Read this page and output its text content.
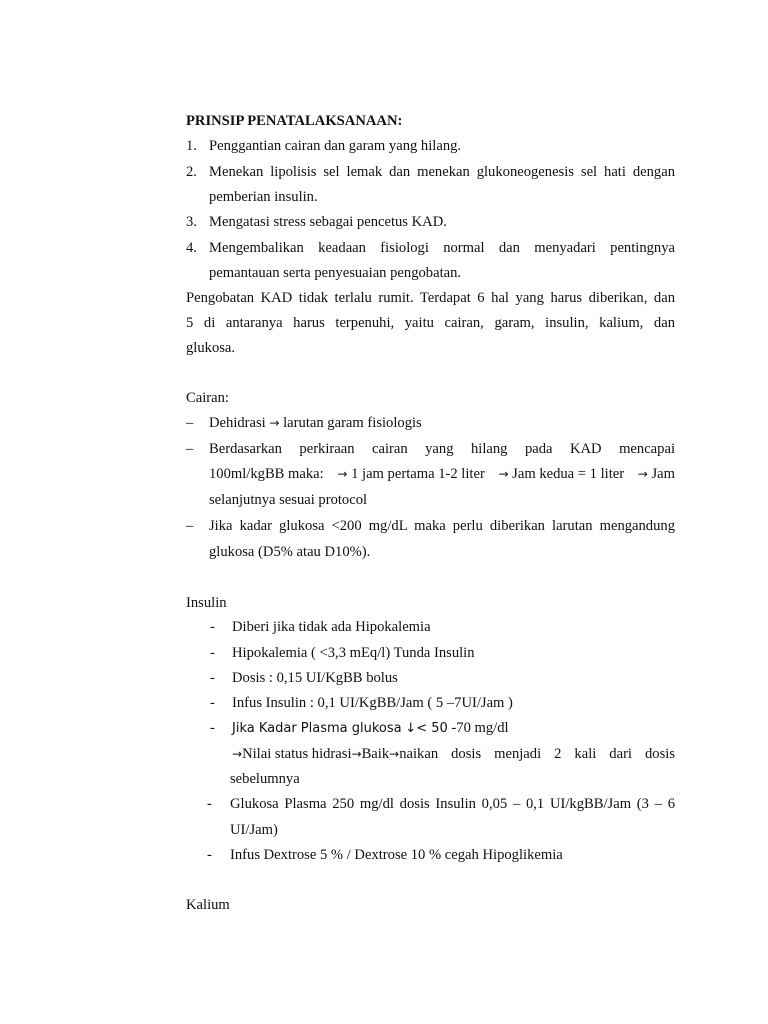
PRINSIP PENATALAKSANAAN:
1. Penggantian cairan dan garam yang hilang.
2. Menekan lipolisis sel lemak dan menekan glukoneogenesis sel hati dengan
pemberian insulin.
3. Mengatasi stress sebagai pencetus KAD.
4. Mengembalikan keadaan fisiologi normal dan menyadari pentingnya
pemantauan serta penyesuaian pengobatan.
Pengobatan KAD tidak terlalu rumit. Terdapat 6 hal yang harus diberikan, dan
5 di antaranya harus terpenuhi, yaitu cairan, garam, insulin, kalium, dan
glukosa.
Cairan:
– Dehidrasi → larutan garam fisiologis
– Berdasarkan perkiraan cairan yang hilang pada KAD mencapai
100ml/kgBB maka: → 1 jam pertama 1-2 liter → Jam kedua = 1 liter → Jam
selanjutnya sesuai protocol
– Jika kadar glukosa <200 mg/dL maka perlu diberikan larutan mengandung
glukosa (D5% atau D10%).
Insulin
- Diberi jika tidak ada Hipokalemia
- Hipokalemia ( <3,3 mEq/l) Tunda Insulin
- Dosis : 0,15 UI/KgBB bolus
- Infus Insulin : 0,1 UI/KgBB/Jam ( 5 –7UI/Jam )
- Jika Kadar Plasma glukosa ↓< 50 -70 mg/dl
→Nilai status hidrasi→Baik→ naikan dosis menjadi 2 kali dari dosis
sebelumnya
- Glukosa Plasma 250 mg/dl dosis Insulin 0,05 – 0,1 UI/kgBB/Jam (3 – 6
UI/Jam)
- Infus Dextrose 5 % / Dextrose 10 % cegah Hipoglikemia
Kalium
